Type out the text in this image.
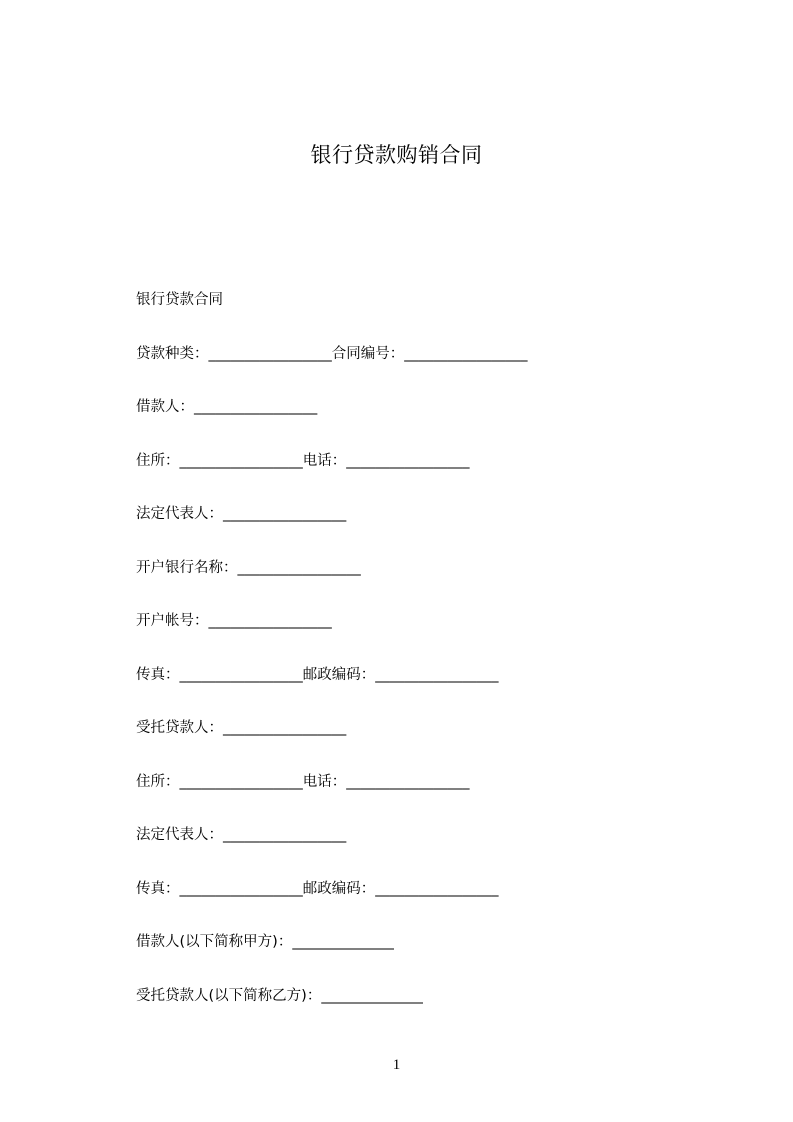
银行贷款购销合同
银行贷款合同
贷款种类：_________________合同编号：_________________
借款人：_________________
住所：_________________电话：_________________
法定代表人：_________________
开户银行名称：_________________
开户帐号：_________________
传真：_________________邮政编码：_________________
受托贷款人：_________________
住所：_________________电话：_________________
法定代表人：_________________
传真：_________________邮政编码：_________________
借款人(以下简称甲方)：______________
受托贷款人(以下简称乙方)：______________
1
